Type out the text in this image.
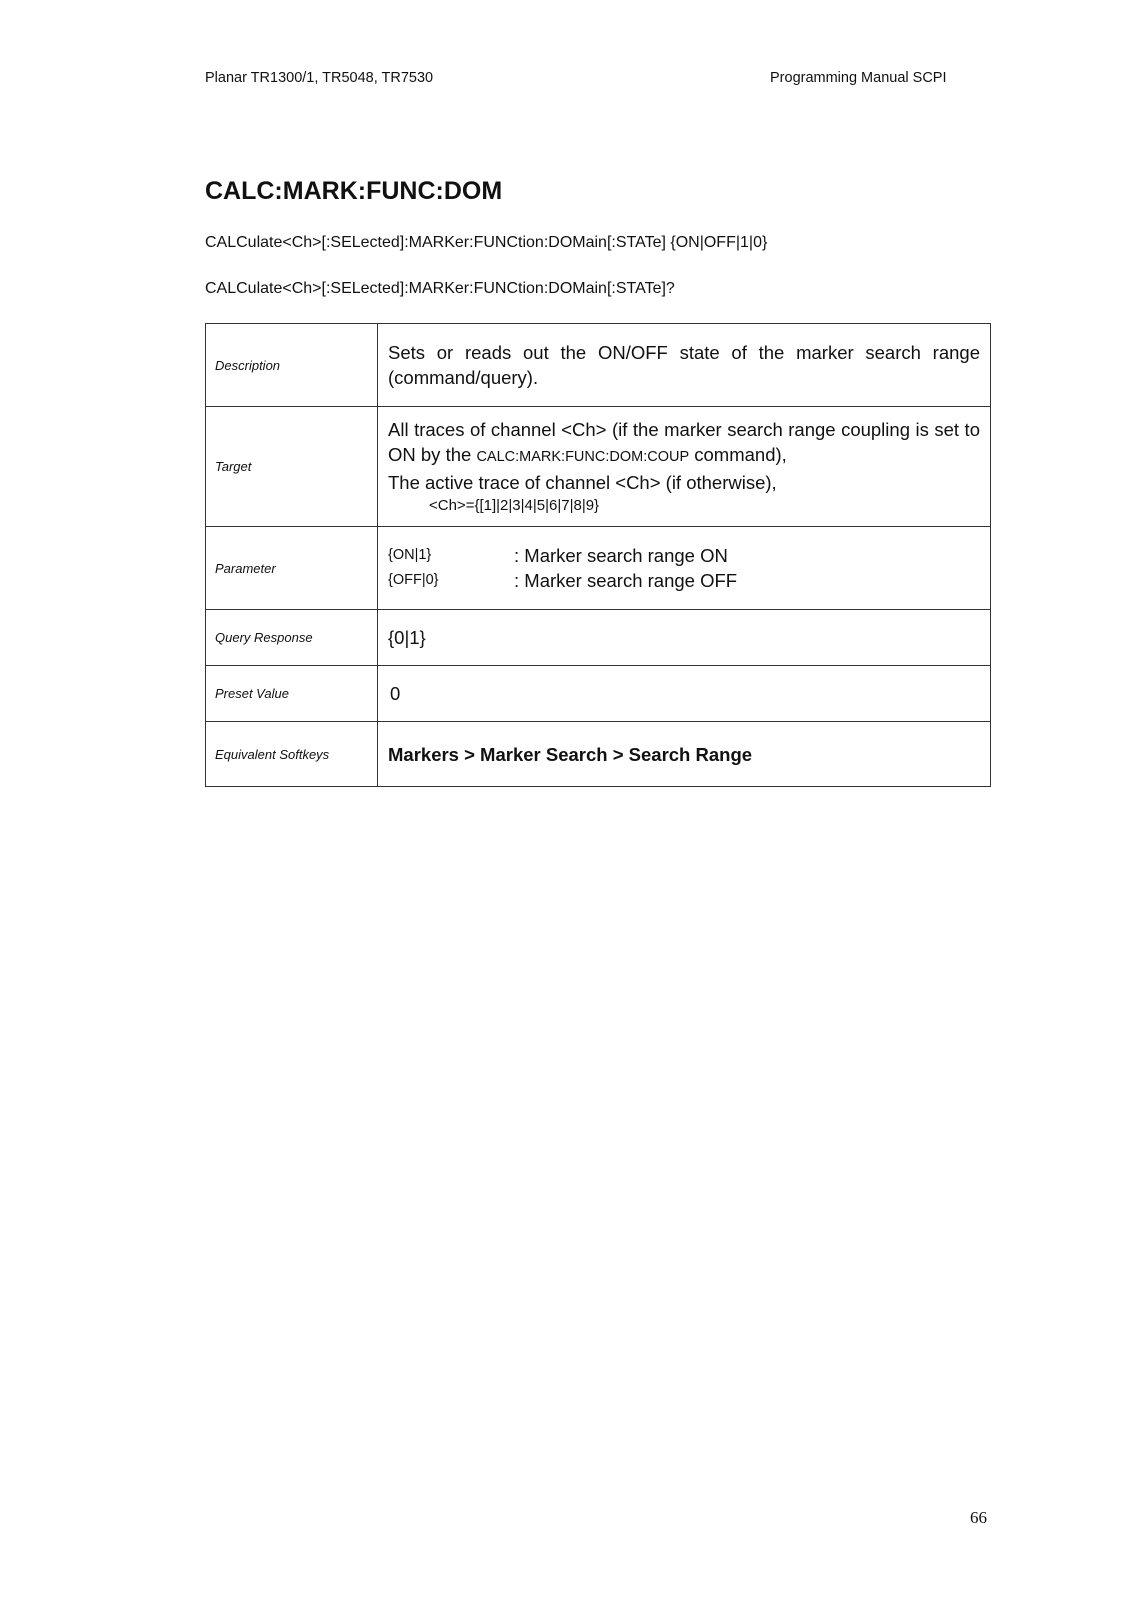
Planar TR1300/1, TR5048, TR7530	Programming Manual SCPI
CALC:MARK:FUNC:DOM
CALCulate<Ch>[:SELected]:MARKer:FUNCtion:DOMain[:STATe] {ON|OFF|1|0}
CALCulate<Ch>[:SELected]:MARKer:FUNCtion:DOMain[:STATe]?
Description	Sets or reads out the ON/OFF state of the marker search range (command/query).
Target	All traces of channel <Ch> (if the marker search range coupling is set to ON by the CALC:MARK:FUNC:DOM:COUP command),
The active trace of channel <Ch> (if otherwise),
<Ch>={[1]|2|3|4|5|6|7|8|9}

Parameter	{ON|1} : Marker search range ON
{OFF|0} : Marker search range OFF

Query Response	{0|1}
Preset Value	0
Equivalent Softkeys	Markers > Marker Search > Search Range
66
